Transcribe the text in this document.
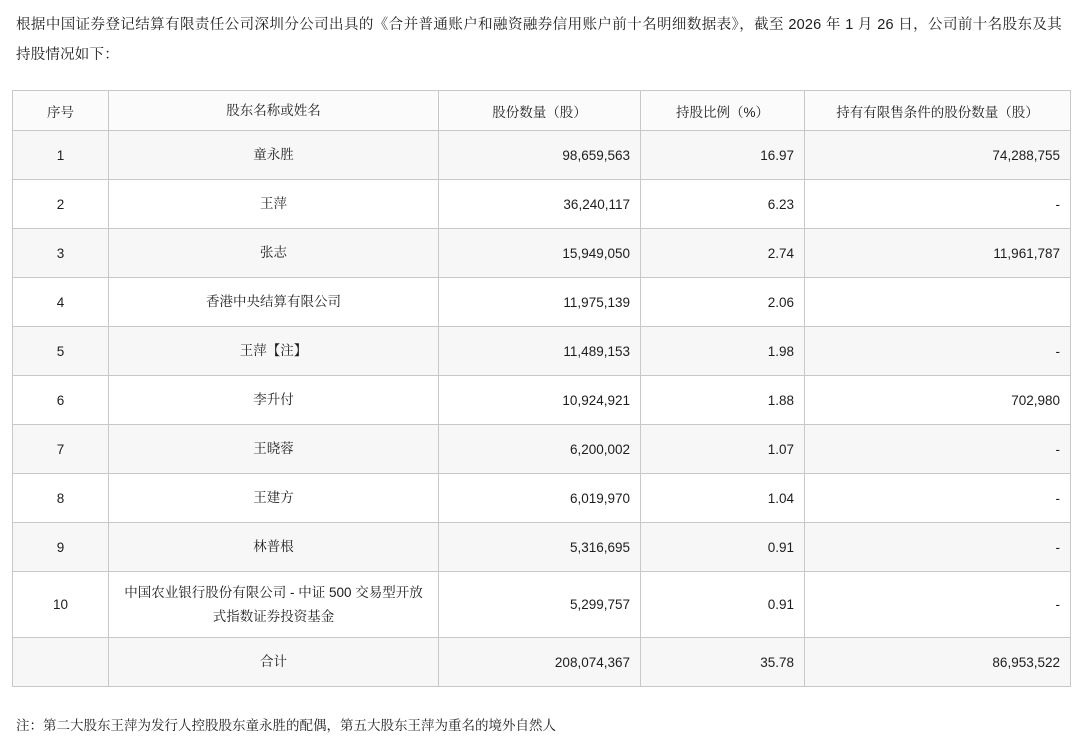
根据中国证券登记结算有限责任公司深圳分公司出具的《合并普通账户和融资融券信用账户前十名明细数据表》，截至 2026 年 1 月 26 日，公司前十名股东及其持股情况如下：

序号	股东名称或姓名	股份数量（股）	持股比例（%）	持有有限售条件的股份数量（股）
1	童永胜	98,659,563	16.97	74,288,755
2	王萍	36,240,117	6.23	-
3	张志	15,949,050	2.74	11,961,787
4	香港中央结算有限公司	11,975,139	2.06	
5	王萍【注】	11,489,153	1.98	-
6	李升付	10,924,921	1.88	702,980
7	王晓蓉	6,200,002	1.07	-
8	王建方	6,019,970	1.04	-
9	林普根	5,316,695	0.91	-
10	中国农业银行股份有限公司 - 中证 500 交易型开放式指数证券投资基金	5,299,757	0.91	-
	合计	208,074,367	35.78	86,953,522

注：第二大股东王萍为发行人控股股东童永胜的配偶，第五大股东王萍为重名的境外自然人
